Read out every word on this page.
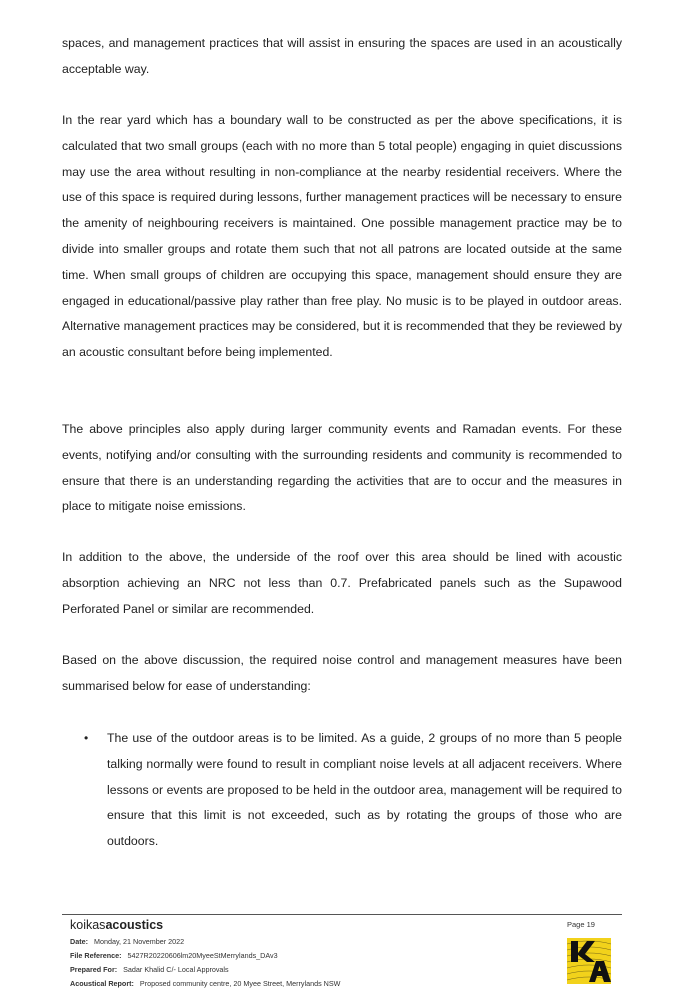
spaces, and management practices that will assist in ensuring the spaces are used in an acoustically acceptable way.

In the rear yard which has a boundary wall to be constructed as per the above specifications, it is calculated that two small groups (each with no more than 5 total people) engaging in quiet discussions may use the area without resulting in non-compliance at the nearby residential receivers. Where the use of this space is required during lessons, further management practices will be necessary to ensure the amenity of neighbouring receivers is maintained. One possible management practice may be to divide into smaller groups and rotate them such that not all patrons are located outside at the same time. When small groups of children are occupying this space, management should ensure they are engaged in educational/passive play rather than free play. No music is to be played in outdoor areas. Alternative management practices may be considered, but it is recommended that they be reviewed by an acoustic consultant before being implemented.

The above principles also apply during larger community events and Ramadan events. For these events, notifying and/or consulting with the surrounding residents and community is recommended to ensure that there is an understanding regarding the activities that are to occur and the measures in place to mitigate noise emissions.

In addition to the above, the underside of the roof over this area should be lined with acoustic absorption achieving an NRC not less than 0.7. Prefabricated panels such as the Supawood Perforated Panel or similar are recommended.

Based on the above discussion, the required noise control and management measures have been summarised below for ease of understanding:

• The use of the outdoor areas is to be limited. As a guide, 2 groups of no more than 5 people talking normally were found to result in compliant noise levels at all adjacent receivers. Where lessons or events are proposed to be held in the outdoor area, management will be required to ensure that this limit is not exceeded, such as by rotating the groups of those who are outdoors.
koikasacoustics
Date: Monday, 21 November 2022
File Reference: 5427R20220606lm20MyeeStMerrylands_DAv3
Prepared For: Sadar Khalid C/- Local Approvals
Acoustical Report: Proposed community centre, 20 Myee Street, Merrylands NSW
Page 19
